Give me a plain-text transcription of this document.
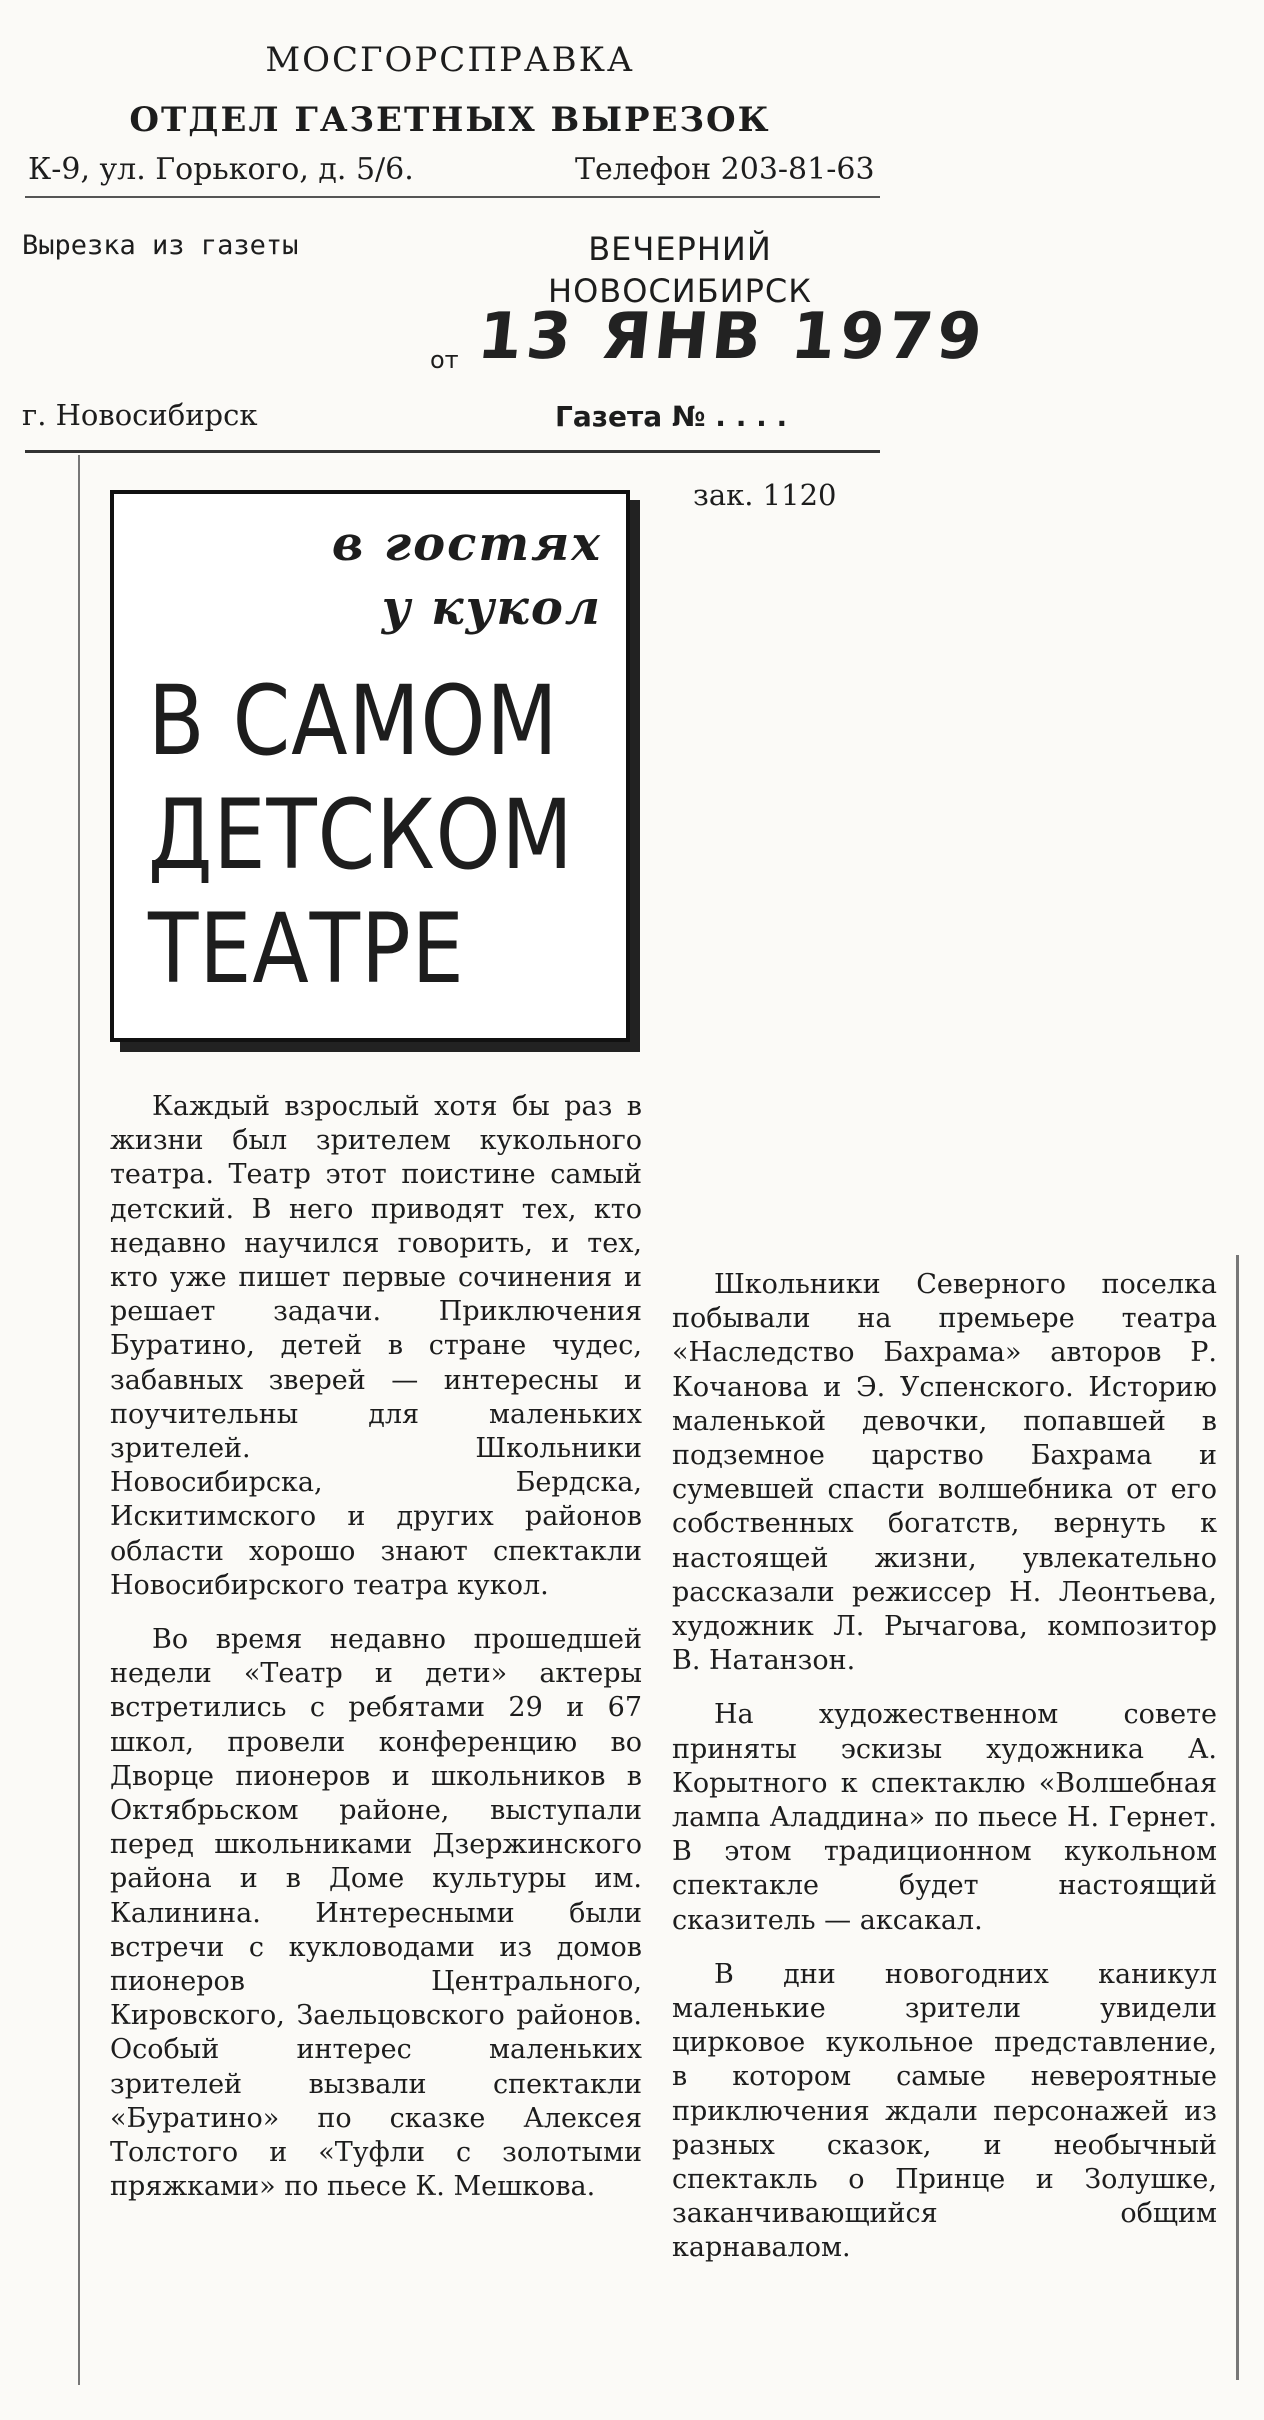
МОСГОРСПРАВКА
ОТДЕЛ ГАЗЕТНЫХ ВЫРЕЗОК
К-9, ул. Горького, д. 5/6.	Телефон 203-81-63
Вырезка из газеты	ВЕЧЕРНИЙ
НОВОСИБИРСК
от 13 ЯНВ 1979
г. Новосибирск	Газета № . . . .
зак. 1120
в гостях
у кукол
В САМОМ
ДЕТСКОМ
ТЕАТРЕ

Каждый взрослый хотя бы раз в жизни был зрителем кукольного театра. Театр этот поистине самый детский. В него приводят тех, кто недавно научился говорить, и тех, кто уже пишет первые сочинения и решает задачи. Приключения Буратино, детей в стране чудес, забавных зверей — интересны и поучительны для маленьких зрителей. Школьники Новосибирска, Бердска, Искитимского и других районов области хорошо знают спектакли Новосибирского театра кукол.

Во время недавно прошедшей недели «Театр и дети» актеры встретились с ребятами 29 и 67 школ, провели конференцию во Дворце пионеров и школьников в Октябрьском районе, выступали перед школьниками Дзержинского района и в Доме культуры им. Калинина. Интересными были встречи с кукловодами из домов пионеров Центрального, Кировского, Заельцовского районов. Особый интерес маленьких зрителей вызвали спектакли «Буратино» по сказке Алексея Толстого и «Туфли с золотыми пряжками» по пьесе К. Мешкова.

Школьники Северного поселка побывали на премьере театра «Наследство Бахрама» авторов Р. Кочанова и Э. Успенского. Историю маленькой девочки, попавшей в подземное царство Бахрама и сумевшей спасти волшебника от его собственных богатств, вернуть к настоящей жизни, увлекательно рассказали режиссер Н. Леонтьева, художник Л. Рычагова, композитор В. Натанзон.

На художественном совете приняты эскизы художника А. Корытного к спектаклю «Волшебная лампа Аладдина» по пьесе Н. Гернет. В этом традиционном кукольном спектакле будет настоящий сказитель — аксакал.

В дни новогодних каникул маленькие зрители увидели цирковое кукольное представление, в котором самые невероятные приключения ждали персонажей из разных сказок, и необычный спектакль о Принце и Золушке, заканчивающийся общим карнавалом.
